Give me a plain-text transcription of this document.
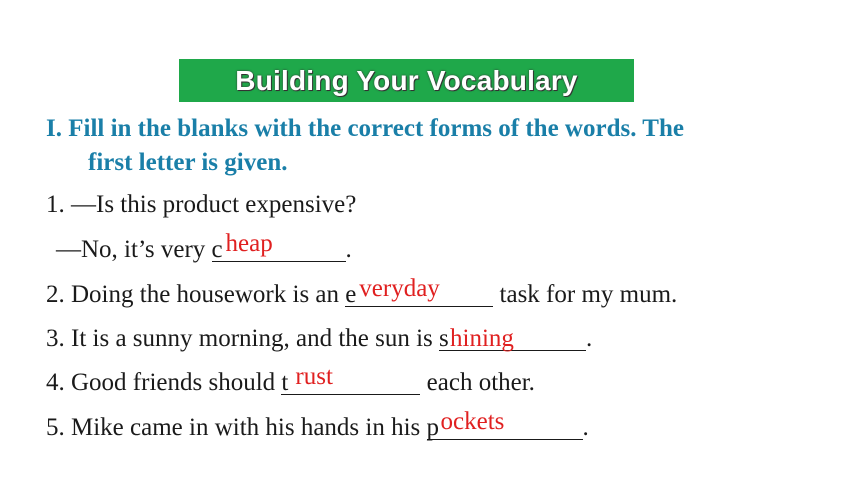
Building Your Vocabulary
I. Fill in the blanks with the correct forms of the words. The
first letter is given.
1. —Is this product expensive?
—No, it’s very c heap	.
2. Doing the housework is an e veryday task for my mum.
3. It is a sunny morning, and the sun is s hining	.
4. Good friends should t rust	each other.
5. Mike came in with his hands in his p ockets	.
